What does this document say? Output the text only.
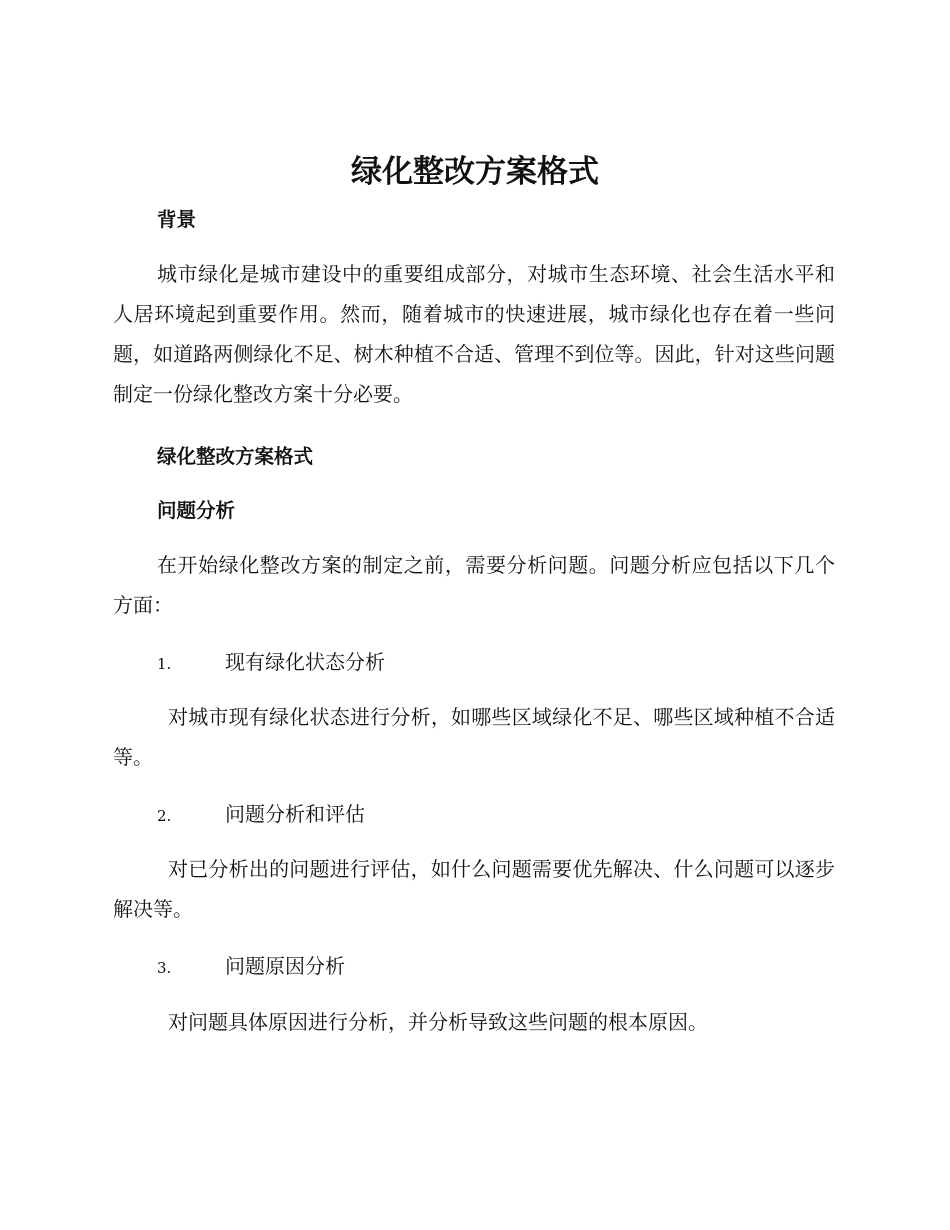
绿化整改方案格式
背景

城市绿化是城市建设中的重要组成部分，对城市生态环境、社会生活水平和人居环境起到重要作用。然而，随着城市的快速进展，城市绿化也存在着一些问题，如道路两侧绿化不足、树木种植不合适、管理不到位等。因此，针对这些问题制定一份绿化整改方案十分必要。

绿化整改方案格式
问题分析

在开始绿化整改方案的制定之前，需要分析问题。问题分析应包括以下几个方面：

1.	现有绿化状态分析

对城市现有绿化状态进行分析，如哪些区域绿化不足、哪些区域种植不合适等。

2.	问题分析和评估

对已分析出的问题进行评估，如什么问题需要优先解决、什么问题可以逐步解决等。

3.	问题原因分析

对问题具体原因进行分析，并分析导致这些问题的根本原因。
